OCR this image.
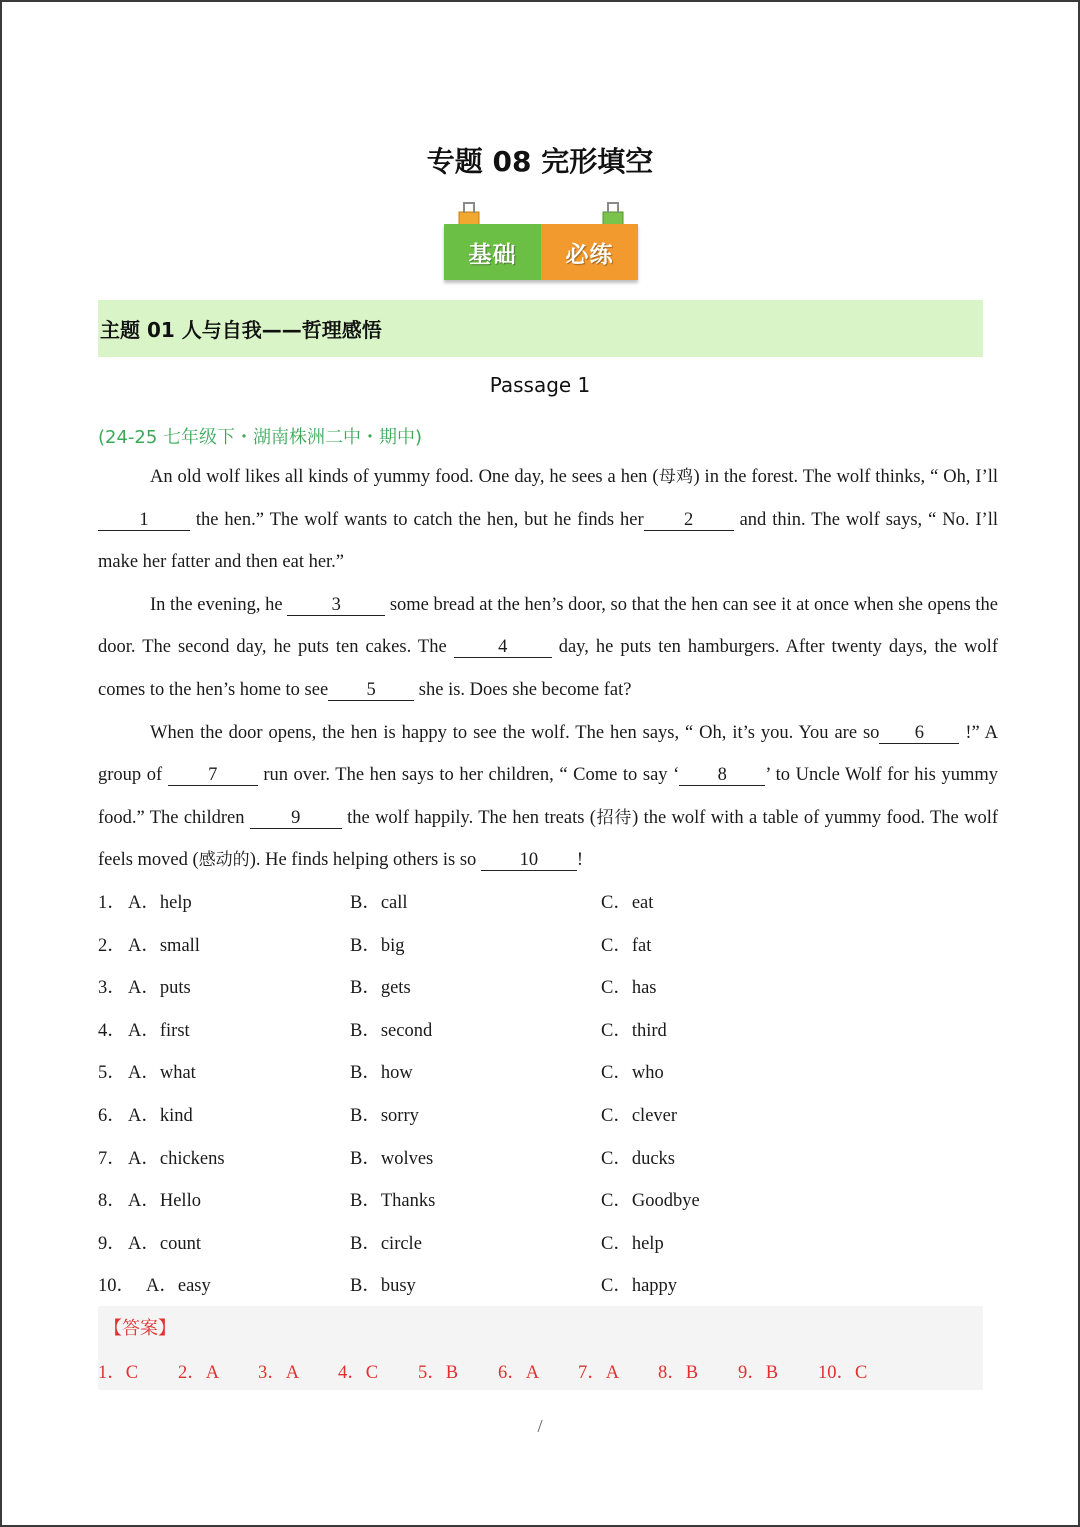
专题 08 完形填空
基础	必练
主题 01 人与自我——哲理感悟
Passage 1
(24-25 七年级下・湖南株洲二中・期中)

An old wolf likes all kinds of yummy food. One day, he sees a hen (母鸡) in the forest. The wolf thinks, “ Oh, I’ll1 the hen.” The wolf wants to catch the hen, but he finds her 2 and thin. The wolf says, “ No. I’ll make her fatter and then eat her.”

In the evening, he 3 some bread at the hen’s door, so that the hen can see it at once when she opens the door. The second day, he puts ten cakes. The 4 day, he puts ten hamburgers. After twenty days, the wolf comes to the hen’s home to see 5 she is. Does she become fat?

When the door opens, the hen is happy to see the wolf. The hen says, “ Oh, it’s you. You are so 6 !” A group of 7 run over. The hen says to her children, “ Come to say ‘ 8 ’ to Uncle Wolf for his yummy food.” The children 9 the wolf happily. The hen treats (招待) the wolf with a table of yummy food. The wolf feels moved (感动的). He finds helping others is so 10 !

1． A．help	B．call	C．eat
2． A．small	B．big	C．fat
3． A．puts	B．gets	C．has
4． A．first	B．second	C．third
5． A．what	B．how	C．who
6． A．kind	B．sorry	C．clever
7． A．chickens	B．wolves	C．ducks
8． A．Hello	B．Thanks	C．Goodbye
9． A．count	B．circle	C．help
10． A．easy	B．busy	C．happy
【答案】
1．C 2．A 3．A 4．C 5．B 6．A 7．A 8．B 9．B 10．C
/
